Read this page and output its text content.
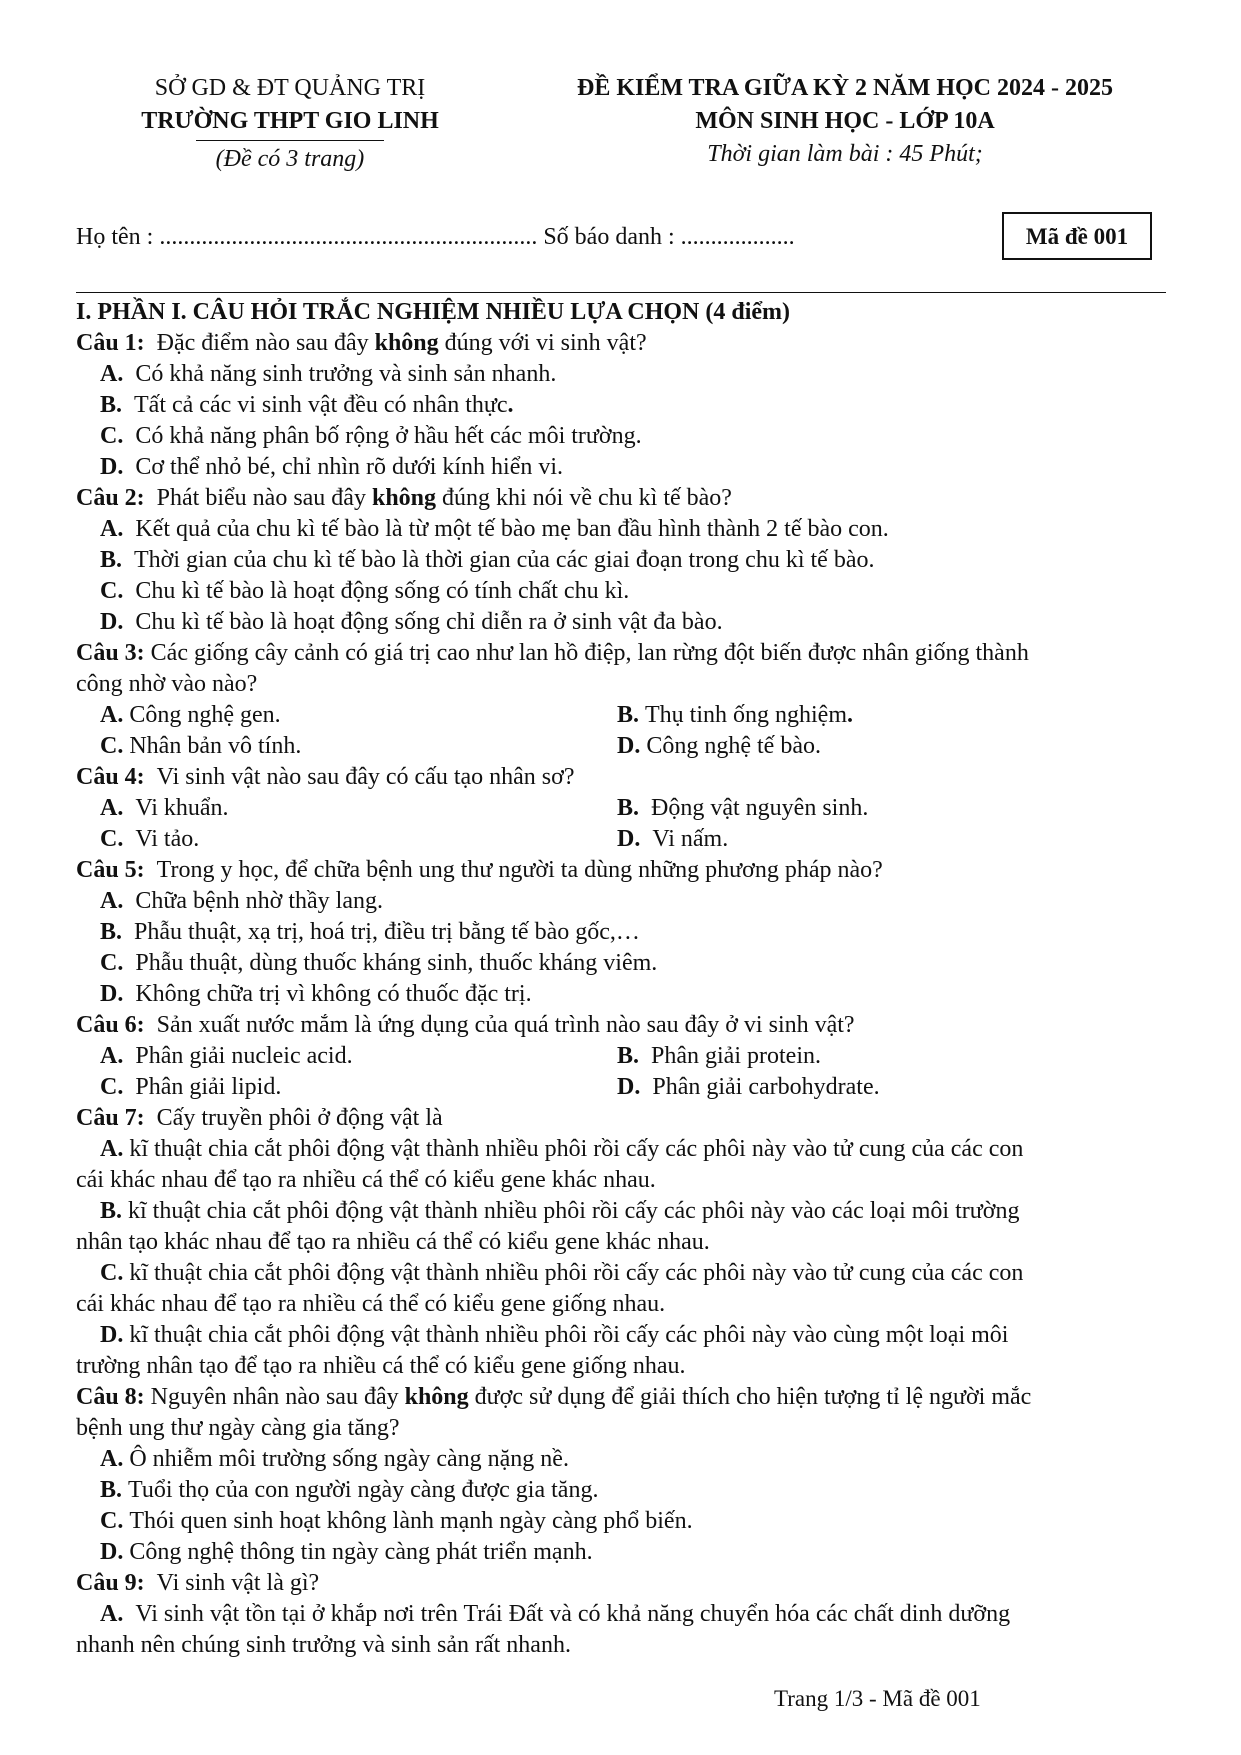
SỞ GD & ĐT QUẢNG TRỊ
TRƯỜNG THPT GIO LINH
(Đề có 3 trang)
ĐỀ KIỂM TRA GIỮA KỲ 2 NĂM HỌC 2024 - 2025
MÔN SINH HỌC - LỚP 10A
Thời gian làm bài : 45 Phút;
Họ tên : ............................................................... Số báo danh : ...................	Mã đề 001

I. PHẦN I. CÂU HỎI TRẮC NGHIỆM NHIỀU LỰA CHỌN (4 điểm)

Câu 1: Đặc điểm nào sau đây không đúng với vi sinh vật?

A. Có khả năng sinh trưởng và sinh sản nhanh.

B. Tất cả các vi sinh vật đều có nhân thực.

C. Có khả năng phân bố rộng ở hầu hết các môi trường.

D. Cơ thể nhỏ bé, chỉ nhìn rõ dưới kính hiển vi.

Câu 2: Phát biểu nào sau đây không đúng khi nói về chu kì tế bào?

A. Kết quả của chu kì tế bào là từ một tế bào mẹ ban đầu hình thành 2 tế bào con.

B. Thời gian của chu kì tế bào là thời gian của các giai đoạn trong chu kì tế bào.

C. Chu kì tế bào là hoạt động sống có tính chất chu kì.

D. Chu kì tế bào là hoạt động sống chỉ diễn ra ở sinh vật đa bào.

Câu 3: Các giống cây cảnh có giá trị cao như lan hồ điệp, lan rừng đột biến được nhân giống thành

công nhờ vào nào?

A. Công nghệ gen.	B. Thụ tinh ống nghiệm.
C. Nhân bản vô tính.	D. Công nghệ tế bào.

Câu 4: Vi sinh vật nào sau đây có cấu tạo nhân sơ?

A. Vi khuẩn.	B. Động vật nguyên sinh.
C. Vi tảo.	D. Vi nấm.

Câu 5: Trong y học, để chữa bệnh ung thư người ta dùng những phương pháp nào?

A. Chữa bệnh nhờ thầy lang.

B. Phẫu thuật, xạ trị, hoá trị, điều trị bằng tế bào gốc,…

C. Phẫu thuật, dùng thuốc kháng sinh, thuốc kháng viêm.

D. Không chữa trị vì không có thuốc đặc trị.

Câu 6: Sản xuất nước mắm là ứng dụng của quá trình nào sau đây ở vi sinh vật?

A. Phân giải nucleic acid.	B. Phân giải protein.
C. Phân giải lipid.	D. Phân giải carbohydrate.

Câu 7: Cấy truyền phôi ở động vật là

A. kĩ thuật chia cắt phôi động vật thành nhiều phôi rồi cấy các phôi này vào tử cung của các con

cái khác nhau để tạo ra nhiều cá thể có kiểu gene khác nhau.

B. kĩ thuật chia cắt phôi động vật thành nhiều phôi rồi cấy các phôi này vào các loại môi trường

nhân tạo khác nhau để tạo ra nhiều cá thể có kiểu gene khác nhau.

C. kĩ thuật chia cắt phôi động vật thành nhiều phôi rồi cấy các phôi này vào tử cung của các con

cái khác nhau để tạo ra nhiều cá thể có kiểu gene giống nhau.

D. kĩ thuật chia cắt phôi động vật thành nhiều phôi rồi cấy các phôi này vào cùng một loại môi

trường nhân tạo để tạo ra nhiều cá thể có kiểu gene giống nhau.

Câu 8: Nguyên nhân nào sau đây không được sử dụng để giải thích cho hiện tượng tỉ lệ người mắc

bệnh ung thư ngày càng gia tăng?

A. Ô nhiễm môi trường sống ngày càng nặng nề.

B. Tuổi thọ của con người ngày càng được gia tăng.

C. Thói quen sinh hoạt không lành mạnh ngày càng phổ biến.

D. Công nghệ thông tin ngày càng phát triển mạnh.

Câu 9: Vi sinh vật là gì?

A. Vi sinh vật tồn tại ở khắp nơi trên Trái Đất và có khả năng chuyển hóa các chất dinh dưỡng

nhanh nên chúng sinh trưởng và sinh sản rất nhanh.

Trang 1/3 - Mã đề 001
